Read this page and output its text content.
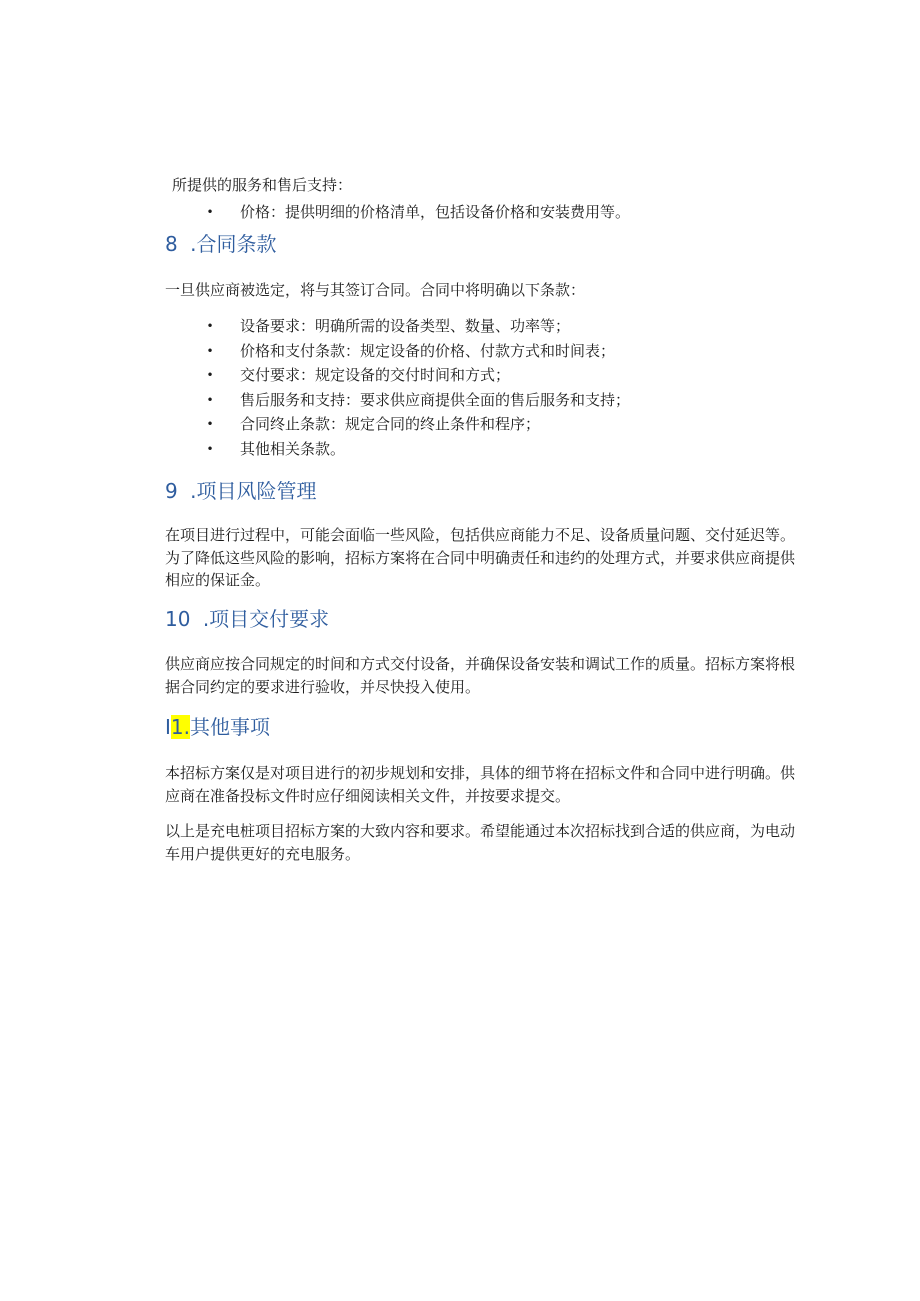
所提供的服务和售后支持：
• 价格：提供明细的价格清单，包括设备价格和安装费用等。
8 .合同条款

一旦供应商被选定，将与其签订合同。合同中将明确以下条款：

• 设备要求：明确所需的设备类型、数量、功率等；
• 价格和支付条款：规定设备的价格、付款方式和时间表；
• 交付要求：规定设备的交付时间和方式；
• 售后服务和支持：要求供应商提供全面的售后服务和支持；
• 合同终止条款：规定合同的终止条件和程序；
• 其他相关条款。
9 .项目风险管理

在项目进行过程中，可能会面临一些风险，包括供应商能力不足、设备质量问题、交付延迟等。为了降低这些风险的影响，招标方案将在合同中明确责任和违约的处理方式，并要求供应商提供相应的保证金。

10 .项目交付要求

供应商应按合同规定的时间和方式交付设备，并确保设备安装和调试工作的质量。招标方案将根据合同约定的要求进行验收，并尽快投入使用。

I1.其他事项

本招标方案仅是对项目进行的初步规划和安排，具体的细节将在招标文件和合同中进行明确。供应商在准备投标文件时应仔细阅读相关文件，并按要求提交。

以上是充电桩项目招标方案的大致内容和要求。希望能通过本次招标找到合适的供应商，为电动车用户提供更好的充电服务。
